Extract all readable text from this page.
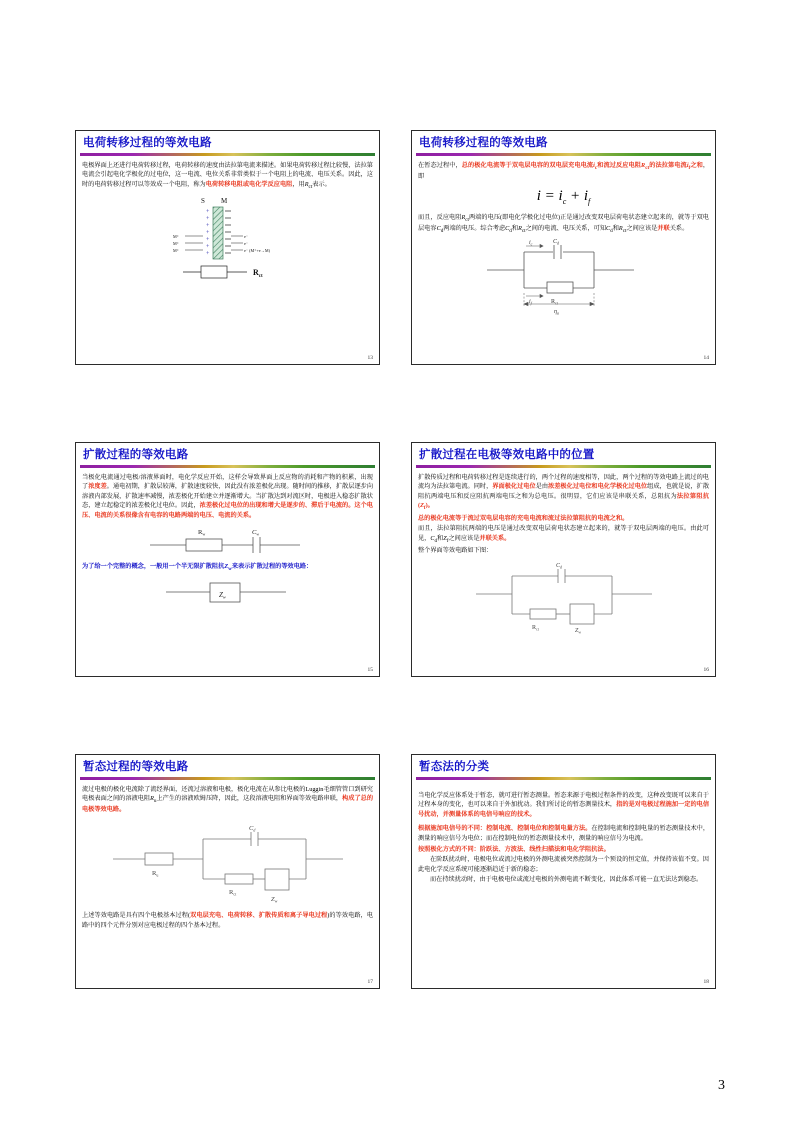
电荷转移过程的等效电路

电极界面上还进行电荷转移过程，电荷转移的速度由法拉第电流来描述。如果电荷转移过程比较慢，法拉第电流会引起电化学极化的过电位，这一电流、电位关系非常类似于一个电阻上的电流、电压关系。因此，这时的电荷转移过程可以等效成一个电阻，称为电荷转移电阻或电化学反应电阻，用$R_{ct}$表示。

S M
+
+
+
+
+
+
+
M⁺
M⁺
M⁺
e⁻
e⁻
e⁻ (M⁺+e→M)
$R_{ct}$
13
电荷转移过程的等效电路

在暂态过程中，总的极化电流等于双电层电容的双电层充电电流$i_c$和流过反应电阻$R_{ct}$的法拉第电流$i_f$之和，即

$i = i_c + i_f$

而且，反应电阻$R_{ct}$两端的电压(即电化学极化过电位)正是通过改变双电层荷电状态建立起来的，就等于双电层电容$C_d$两端的电压。综合考虑$C_d$和$R_{ct}$之间的电流、电压关系，可知$C_d$和$R_{ct}$之间应该是并联关系。

$i_c$	$C_d$
$i_f$	$R_{ct}$
$\eta_a$
14
扩散过程的等效电路

当极化电流通过电极/溶液界面时，电化学反应开始，这样会导致界面上反应物的消耗和产物的积累，出现了浓度差。通电初期，扩散层较薄，扩散速度较快，因此没有浓差极化出现。随时间的推移，扩散层逐步向溶液内部发展，扩散速率减慢，浓差极化开始建立并逐渐增大。当扩散达到对流区时，电极进入稳态扩散状态，建立起稳定的浓差极化过电位。因此，浓差极化过电位的出现和增大是逐步的、滞后于电流的。这个电压、电流的关系很像含有电容的电路两端的电压、电流的关系。

$R_w$	$C_w$

为了给一个完整的概念，一般用一个半无限扩散阻抗$Z_w$来表示扩散过程的等效电路：

$Z_w$
15
扩散过程在电极等效电路中的位置

扩散传质过程和电荷转移过程是连续进行的，两个过程的速度相等，因此，两个过程的等效电路上流过的电流均为法拉第电流。同时，界面极化过电位是由浓差极化过电位和电化学极化过电位组成，也就是说，扩散阻抗两端电压和反应阻抗两端电压之和为总电压。很明显，它们应该是串联关系，总阻抗为法拉第阻抗$(Z_f)$。

总的极化电流等于流过双电层电容的充电电流和流过法拉第阻抗的电流之和。

而且，法拉第阻抗两端的电压是通过改变双电层荷电状态建立起来的，就等于双电层两端的电压。由此可见，$C_d$和$Z_f$之间应该是并联关系。

整个界面等效电路如下图：

$C_d$
$R_{ct}$	$Z_w$
16
暂态过程的等效电路

流过电极的极化电流除了流经界面，还流过溶液和电极，极化电流在从参比电极的Luggin毛细管管口到研究电极表面之间的溶液电阻$R_u$上产生的溶液欧姆压降，因此，这段溶液电阻和界面等效电路串联，构成了总的电极等效电路。

$R_u$
$C_d$
$R_{ct}$
$Z_w$

上述等效电路是具有四个电极基本过程(双电层充电、电荷转移、扩散传质和离子导电过程)的等效电路，电路中的四个元件分别对应电极过程的四个基本过程。

17
暂态法的分类

当电化学反应体系处于暂态，就可进行暂态测量。暂态来源于电极过程条件的改变，这种改变既可以来自于过程本身的变化，也可以来自于外加扰动。我们所讨论的暂态测量技术，指的是对电极过程施加一定的电信号扰动，并测量体系的电信号响应的技术。

根据施加电信号的不同：控制电流、控制电位和控制电量方法。在控制电流和控制电量的暂态测量技术中，测量的响应信号为电位；而在控制电位的暂态测量技术中，测量的响应信号为电流。

按照极化方式的不同：阶跃法、方波法、线性扫描法和电化学阻抗法。

在阶跃扰动时，电极电位或流过电极的外测电流被突然控制为一个预设的恒定值，并保持该值不变。因此电化学反应系统可能逐渐趋近于新的稳态；

而在持续扰动时，由于电极电位或流过电极的外测电流不断变化，因此体系可能一直无法达到稳态。

18
3
